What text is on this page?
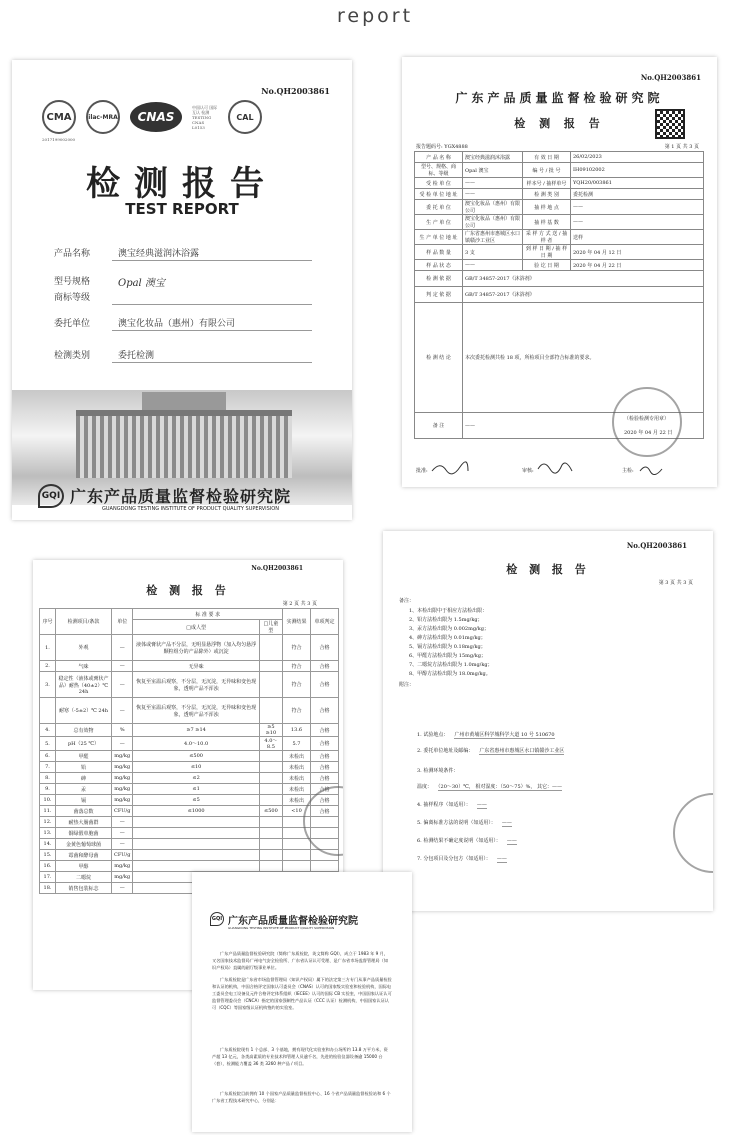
report
No.QH2003861
CMA	ilac-MRA	CNAS
中国认可 国际互认 检测 TESTING CNAS L0153
CAL
2017199002000
检测报告
TEST REPORT
产品名称	澳宝经典滋润沐浴露
型号规格	Opal 澳宝
商标等级
委托单位	澳宝化妆品（惠州）有限公司
检测类别	委托检测
GQI 广东产品质量监督检验研究院
GUANGDONG TESTING INSTITUTE OF PRODUCT QUALITY SUPERVISION
No.QH2003861
广东产品质量监督检验研究院
检 测 报 告
报告题码号: YGX4888	第 1 页 共 3 页
产 品 名 称	澳宝经典滋润沐浴露	有 效 日 期	26/02/2023
型号、规格、商标、等级	Opal 澳宝	编 号 / 批 号	IH09102002
受 检 单 位	——	样本号 / 抽样单号	YQH20/003861
受 检 单 位 地 址	——	检 测 类 别	委托检测
委 托 单 位	澳宝化妆品（惠州）有限公司	抽 样 地 点	——
生 产 单 位	澳宝化妆品（惠州）有限公司	抽 样 基 数	——
生 产 单 位 地 址	广东省惠州市惠城区水口镇赣沙工业区	采 样 方 式 送 / 抽 样 者	送样
样 品 数 量	3 支	到 样 日 期 / 抽 样 日 期	2020 年 04 月 12 日
样 品 状 态	——	验 讫 日 期	2020 年 04 月 22 日
检 测 依 据	GB/T 34857-2017《沐浴剂》		
判 定 依 据	GB/T 34857-2017《沐浴剂》		
检 测 结 论	本次委托检测共检 18 项，所检项目全部符合标准的要求。		
备 注	——		
（检验检测专用章）
2020 年 04 月 22 日
批准:	审核:	主检:
No.QH2003861
检 测 报 告
第 2 页 共 3 页
序号	检测项目/条款	单位	标 准 要 求		实测结果	单项判定
			□成人型	□儿童型		
1.	外观	—	液体或膏状产品不分层，无明显悬浮物（加入均匀悬浮颗粒组分的产品除外）或沉淀		符合	合格
2.	气味	—	无异味		符合	合格
3.	稳定性（液体或膏状产品）耐热（40±2）℃ 24h	—	恢复至室温后观察，不分层，无沉淀，无异味和变色现象，透明产品不浑浊		符合	合格
	耐寒（-5±2）℃ 24h	—	恢复至室温后观察，不分层，无沉淀，无异味和变色现象，透明产品不浑浊		符合	合格
4.	总有效物	%	≥7 ≥14	≥5 ≥10	13.6	合格
5.	pH（25 ℃）	—	4.0～10.0	4.0～8.5	5.7	合格
6.	甲醛	mg/kg	≤500		未检出	合格
7.	铅	mg/kg	≤10		未检出	合格
8.	砷	mg/kg	≤2		未检出	合格
9.	汞	mg/kg	≤1		未检出	合格
10.	镉	mg/kg	≤5		未检出	合格
11.	菌落总数	CFU/g	≤1000	≤500	<10	合格
12.	耐热大肠菌群	—				
13.	铜绿假单胞菌	—				
14.	金黄色葡萄球菌	—				
15.	霉菌和酵母菌	CFU/g				
16.	甲醇	mg/kg				
17.	二噁烷	mg/kg				
18.	销售包装标志	—				
No.QH2003861
检 测 报 告
第 3 页 共 3 页
备注：
1、本检出限中于相应方法检出限：
2、铅方法检出限为 1.5mg/kg；
3、汞方法检出限为 0.002mg/kg；
4、砷方法检出限为 0.01mg/kg；
5、镉方法检出限为 0.18mg/kg；
6、甲醛方法检出限为 15mg/kg；
7、二噁烷方法检出限为 1.0mg/kg；
8、甲醇方法检出限为 18.0mg/kg。
附注：
1. 试验地点： 广州市黄埔区科学城科学大道 10 号 510670
2. 委托单位地址及邮编： 广东省惠州市惠城区水口镇赣沙工业区
3. 检测环境条件：
温度： （20～30）℃， 相对湿度：（50～75）%， 其它：——
4. 抽样程序（如适用）： ——
5. 偏离标准方法的说明（如适用）： ——
6. 检测结果不确定度说明（如适用）： ——
7. 分包项目及分包方（如适用）： ——
GQI 广东产品质量监督检验研究院
GUANGDONG TESTING INSTITUTE OF PRODUCT QUALITY SUPERVISION
广东产品质量监督检验研究院（简称广东质检院，英文简称 GQI），成立于 1983 年 9 月，又名国家技术监督局广州电气安全检验所、广东省认证认可受理、是广东省市场监督管理局（知识产权局）直属的副厅级事业单位。
广东质检院是广东省市场监督管理局（知识产权局）属下的法定第三方专门从事产品质量检验和认证的机构，中国合格评定国家认可委员会（CNAS）认可的国家级实验室和检验机构，国际电工委员会电工设备及元件合格评定体系组织（IECEE）认可的国际 CB 实验室，中国国家认证认可监督管理委员会（CNCA）指定的国家强制性产品认证（CCC 认证）检测机构，中国国家认证认可（CQC）等国家级认证机构签约的实验室。
广东质检院现有 1 个总部、3 个基地，拥有现代化实验室和办公场所约 13.8 万平方米，资产超 13 亿元，各类高素质的专业技术和管理人员逾千名，先进的检验仪器设备逾 15000 台（套），检测能力覆盖 36 类 3260 种产品 / 项目。
广东质检院目前拥有 10 个国家产品质量监督检验中心、16 个省产品质量监督检验站和 6 个广东省工程技术研究中心，分别是：
